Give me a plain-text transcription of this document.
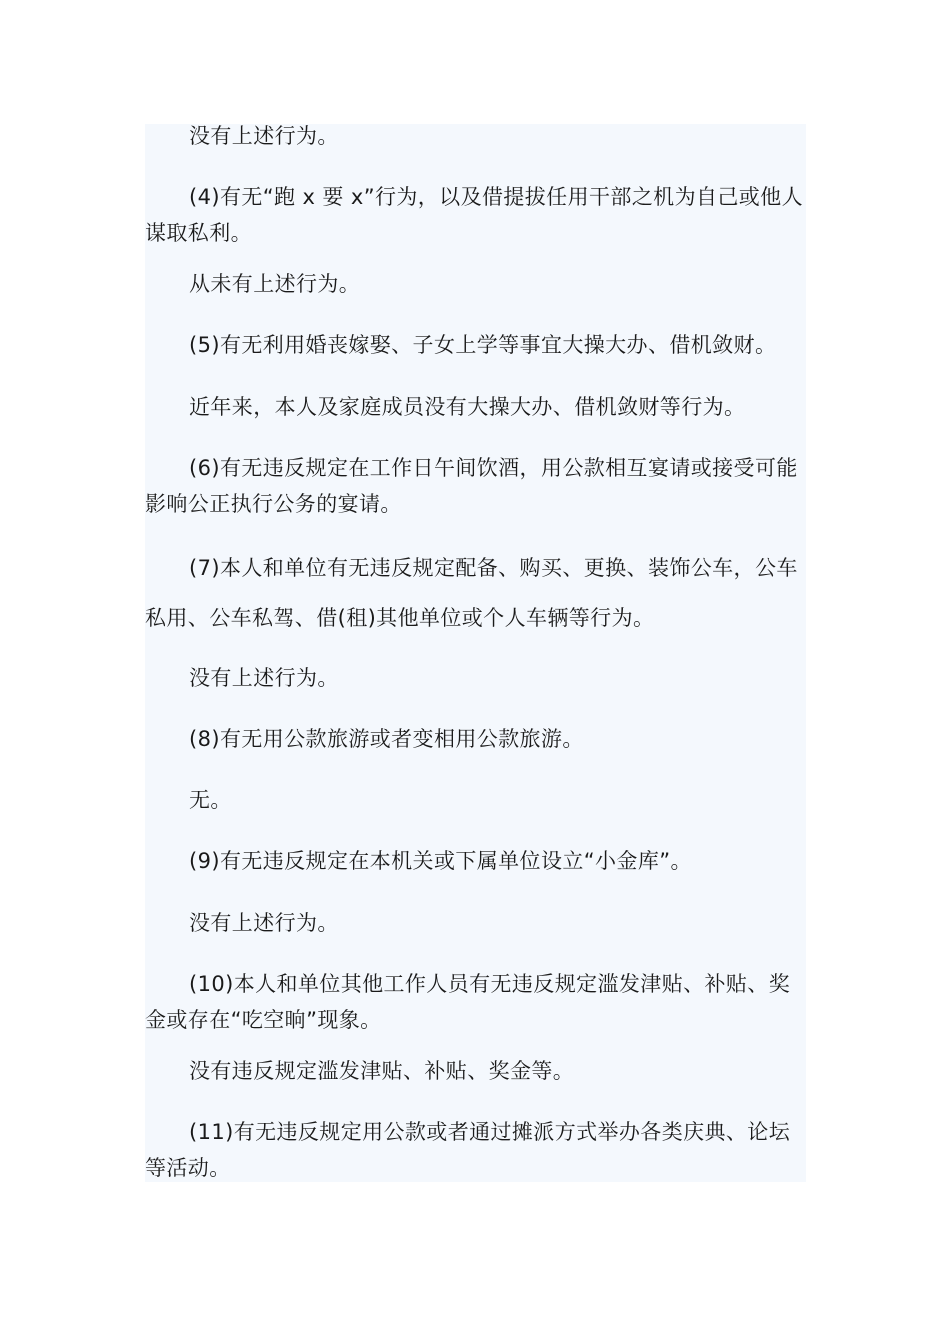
没有上述行为。

(4)有无“跑 x 要 x”行为，以及借提拔任用干部之机为自己或他人谋取私利。

从未有上述行为。

(5)有无利用婚丧嫁娶、子女上学等事宜大操大办、借机敛财。

近年来，本人及家庭成员没有大操大办、借机敛财等行为。

(6)有无违反规定在工作日午间饮酒，用公款相互宴请或接受可能影响公正执行公务的宴请。

(7)本人和单位有无违反规定配备、购买、更换、装饰公车，公车私用、公车私驾、借(租)其他单位或个人车辆等行为。

没有上述行为。

(8)有无用公款旅游或者变相用公款旅游。

无。

(9)有无违反规定在本机关或下属单位设立“小金库”。

没有上述行为。

(10)本人和单位其他工作人员有无违反规定滥发津贴、补贴、奖金或存在“吃空晌”现象。

没有违反规定滥发津贴、补贴、奖金等。

(11)有无违反规定用公款或者通过摊派方式举办各类庆典、论坛等活动。
